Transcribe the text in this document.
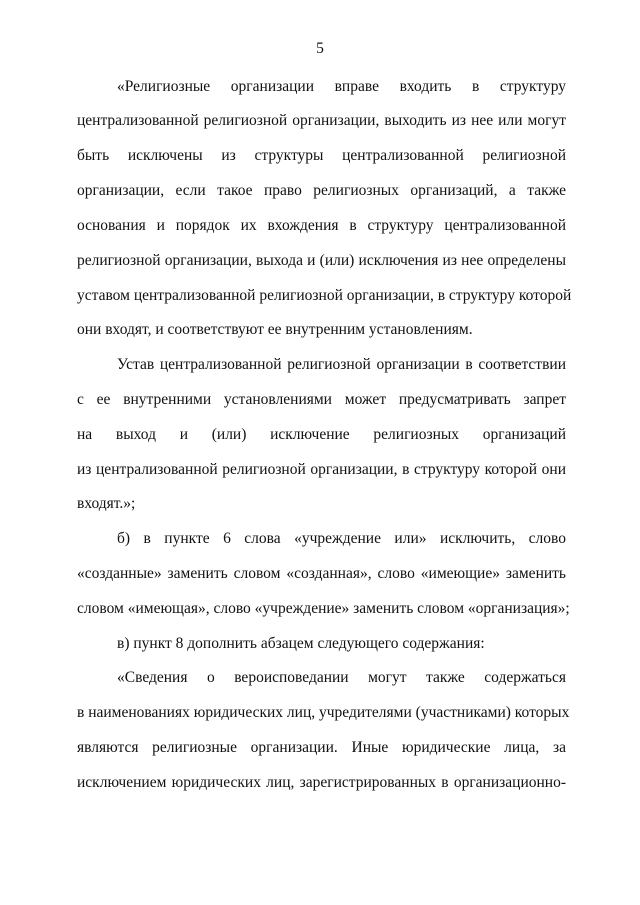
5
«Религиозные организации вправе входить в структуру
централизованной религиозной организации, выходить из нее или могут
быть исключены из структуры централизованной религиозной
организации, если такое право религиозных организаций, а также
основания и порядок их вхождения в структуру централизованной
религиозной организации, выхода и (или) исключения из нее определены
уставом централизованной религиозной организации, в структуру которой
они входят, и соответствуют ее внутренним установлениям.
Устав централизованной религиозной организации в соответствии
с ее внутренними установлениями может предусматривать запрет
на выход и (или) исключение религиозных организаций
из централизованной религиозной организации, в структуру которой они
входят.»;
б) в пункте 6 слова «учреждение или» исключить, слово
«созданные» заменить словом «созданная», слово «имеющие» заменить
словом «имеющая», слово «учреждение» заменить словом «организация»;
в) пункт 8 дополнить абзацем следующего содержания:
«Сведения о вероисповедании могут также содержаться
в наименованиях юридических лиц, учредителями (участниками) которых
являются религиозные организации. Иные юридические лица, за
исключением юридических лиц, зарегистрированных в организационно-
